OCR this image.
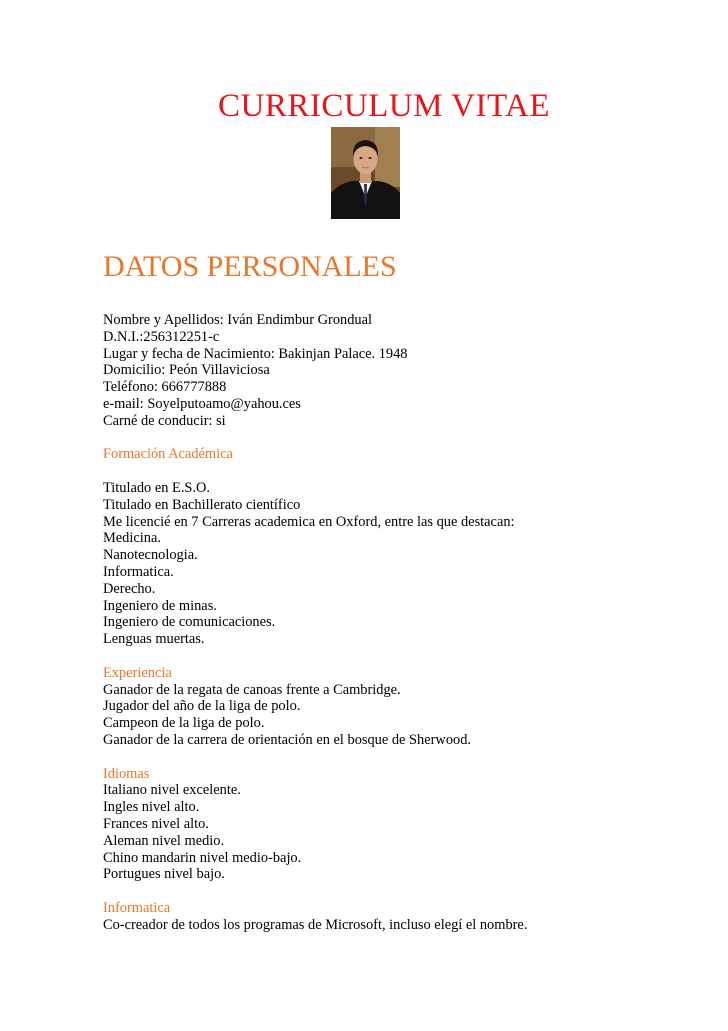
CURRICULUM VITAE
DATOS PERSONALES
Nombre y Apellidos: Iván Endimbur Grondual
D.N.I.:256312251-c
Lugar y fecha de Nacimiento: Bakinjan Palace. 1948
Domicilio: Peón Villaviciosa
Teléfono: 666777888
e-mail: Soyelputoamo@yahou.ces
Carné de conducir: si
Formación Académica
Titulado en E.S.O.
Titulado en Bachillerato científico
Me licencié en 7 Carreras academica en Oxford, entre las que destacan:
Medicina.
Nanotecnologia.
Informatica.
Derecho.
Ingeniero de minas.
Ingeniero de comunicaciones.
Lenguas muertas.
Experiencia
Ganador de la regata de canoas frente a Cambridge.
Jugador del año de la liga de polo.
Campeon de la liga de polo.
Ganador de la carrera de orientación en el bosque de Sherwood.
Idiomas
Italiano nivel excelente.
Ingles nivel alto.
Frances nivel alto.
Aleman nivel medio.
Chino mandarin nivel medio-bajo.
Portugues nivel bajo.
Informatica
Co-creador de todos los programas de Microsoft, incluso elegí el nombre.
